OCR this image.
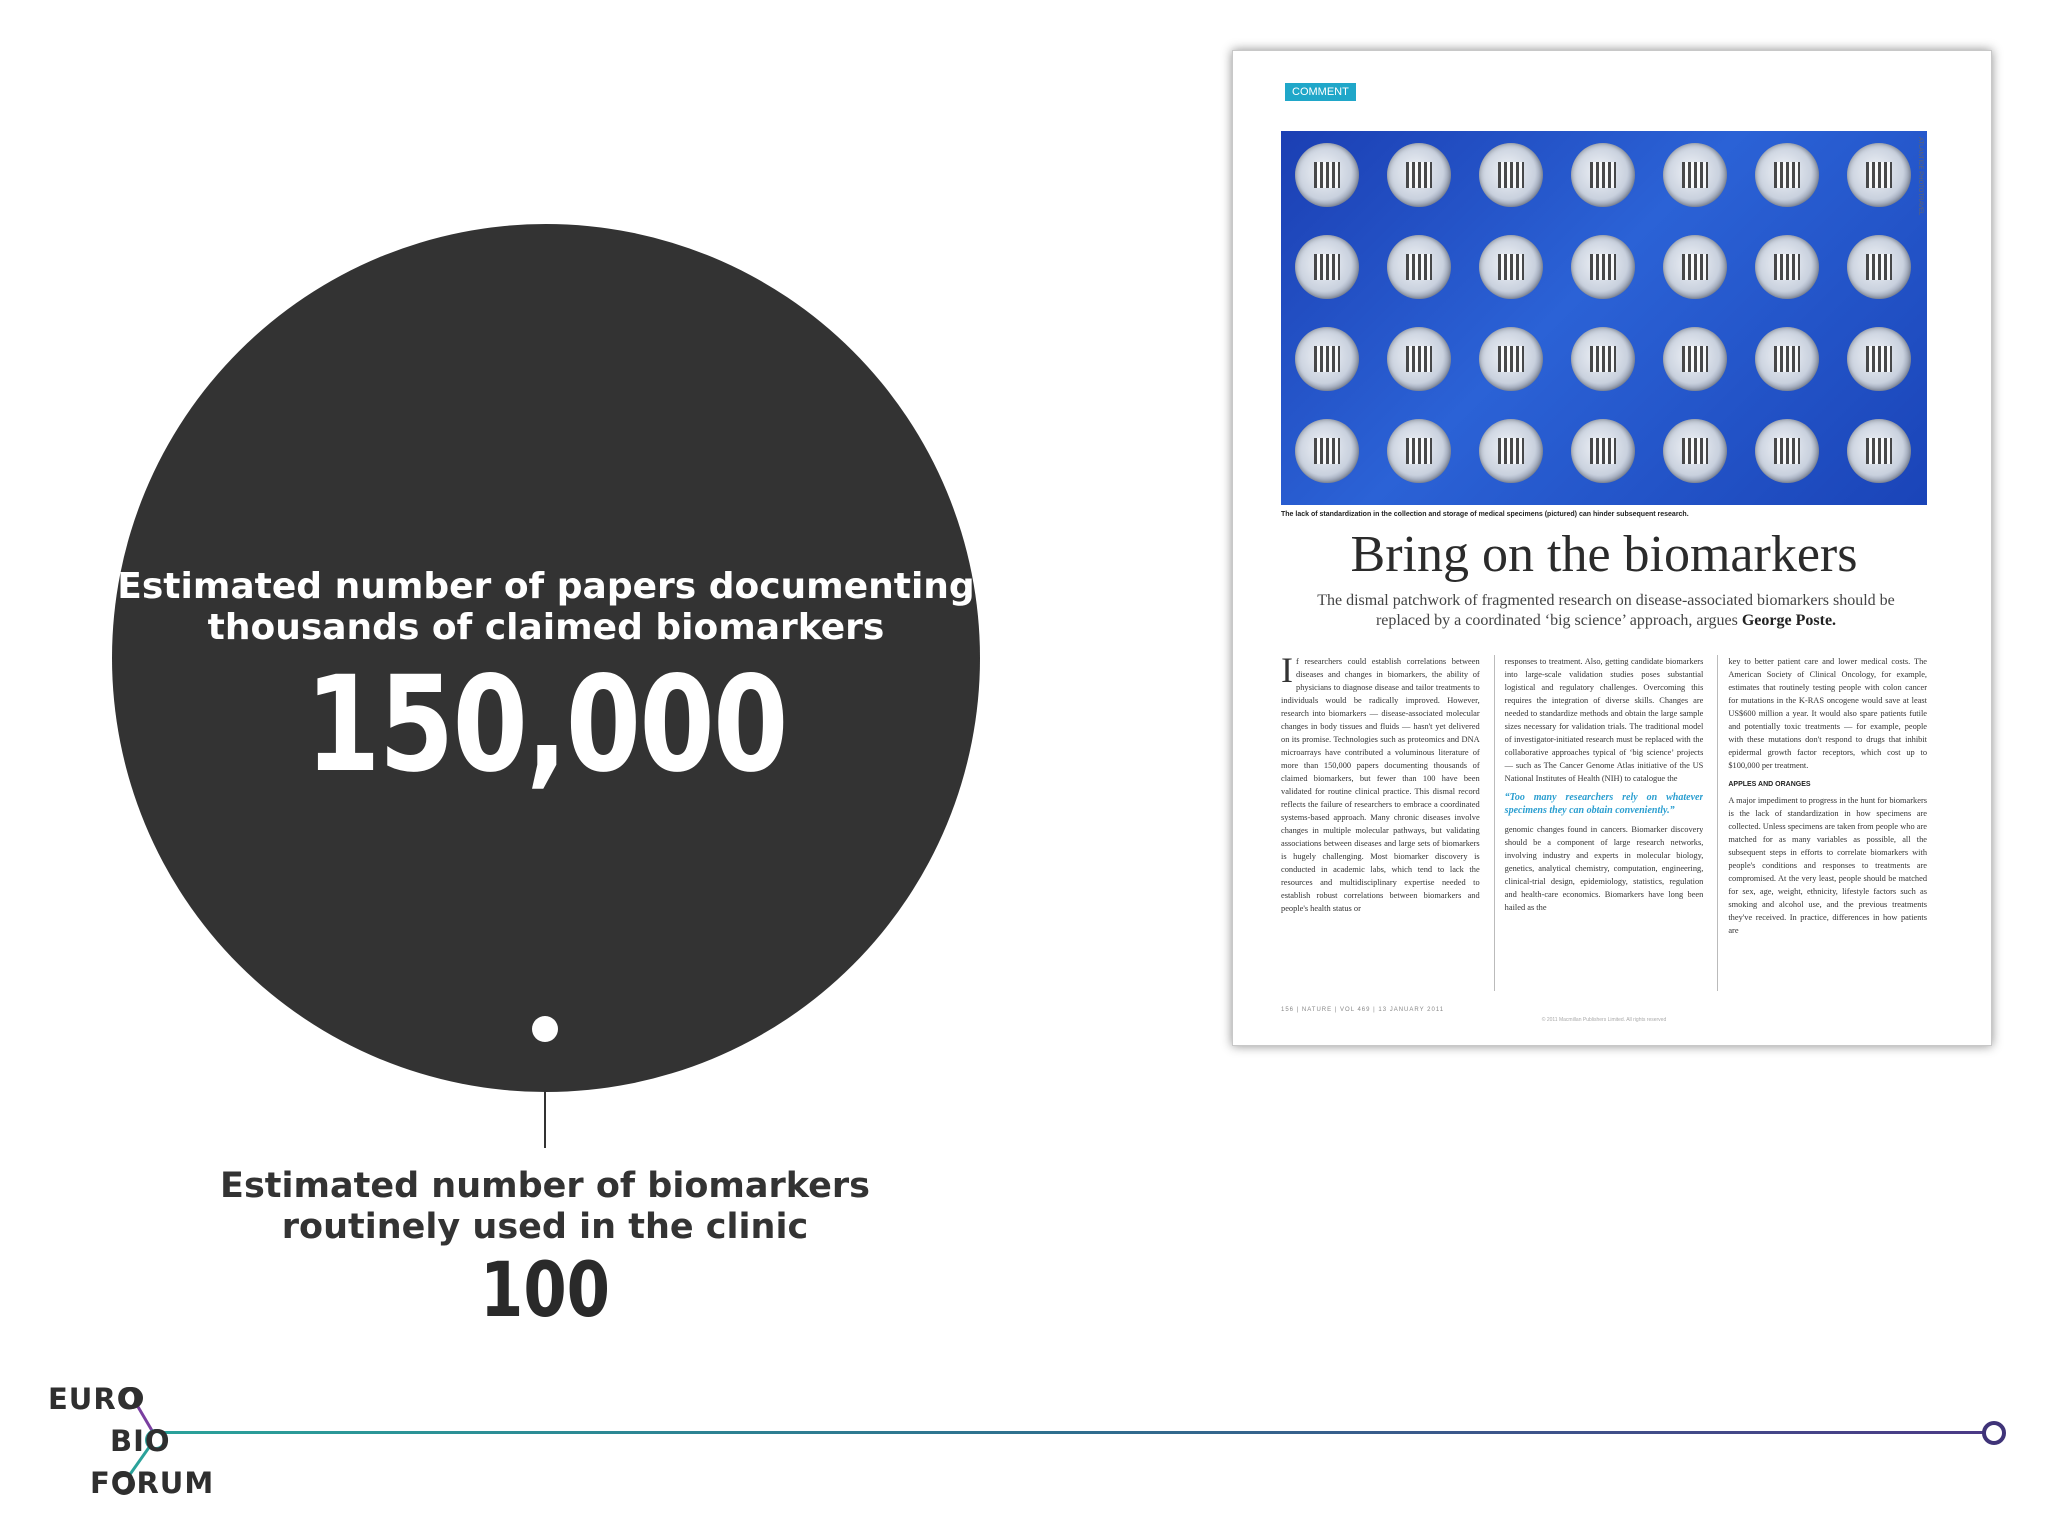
Estimated number of papers documenting
thousands of claimed biomarkers
150,000
Estimated number of biomarkers
routinely used in the clinic
100
COMMENT
ATLANTIDE PHOTOTRAVEL
The lack of standardization in the collection and storage of medical specimens (pictured) can hinder subsequent research.
Bring on the biomarkers
The dismal patchwork of fragmented research on disease-associated biomarkers should be replaced by a coordinated ‘big science’ approach, argues George Poste.
I f researchers could establish correlations between diseases and changes in biomarkers, the ability of physicians to diagnose disease and tailor treatments to individuals would be radically improved. However, research into biomarkers — disease-associated molecular changes in body tissues and fluids — hasn't yet delivered on its promise. Technologies such as proteomics and DNA microarrays have contributed a voluminous literature of more than 150,000 papers documenting thousands of claimed biomarkers, but fewer than 100 have been validated for routine clinical practice. This dismal record reflects the failure of researchers to embrace a coordinated systems-based approach. Many chronic diseases involve changes in multiple molecular pathways, but validating associations between diseases and large sets of biomarkers is hugely challenging. Most biomarker discovery is conducted in academic labs, which tend to lack the resources and multidisciplinary expertise needed to establish robust correlations between biomarkers and people's health status or
responses to treatment. Also, getting candidate biomarkers into large-scale validation studies poses substantial logistical and regulatory challenges. Overcoming this requires the integration of diverse skills. Changes are needed to standardize methods and obtain the large sample sizes necessary for validation trials. The traditional model of investigator-initiated research must be replaced with the collaborative approaches typical of ‘big science’ projects — such as The Cancer Genome Atlas initiative of the US National Institutes of Health (NIH) to catalogue the
“Too many researchers rely on whatever specimens they can obtain conveniently.”
genomic changes found in cancers. Biomarker discovery should be a component of large research networks, involving industry and experts in molecular biology, genetics, analytical chemistry, computation, engineering, clinical-trial design, epidemiology, statistics, regulation and health-care economics. Biomarkers have long been hailed as the
key to better patient care and lower medical costs. The American Society of Clinical Oncology, for example, estimates that routinely testing people with colon cancer for mutations in the K-RAS oncogene would save at least US$600 million a year. It would also spare patients futile and potentially toxic treatments — for example, people with these mutations don't respond to drugs that inhibit epidermal growth factor receptors, which cost up to $100,000 per treatment.
APPLES AND ORANGES
A major impediment to progress in the hunt for biomarkers is the lack of standardization in how specimens are collected. Unless specimens are taken from people who are matched for as many variables as possible, all the subsequent steps in efforts to correlate biomarkers with people's conditions and responses to treatments are compromised. At the very least, people should be matched for sex, age, weight, ethnicity, lifestyle factors such as smoking and alcohol use, and the previous treatments they've received. In practice, differences in how patients are
156 | NATURE | VOL 469 | 13 JANUARY 2011
© 2011 Macmillan Publishers Limited. All rights reserved
EURO
BIO
FORUM
